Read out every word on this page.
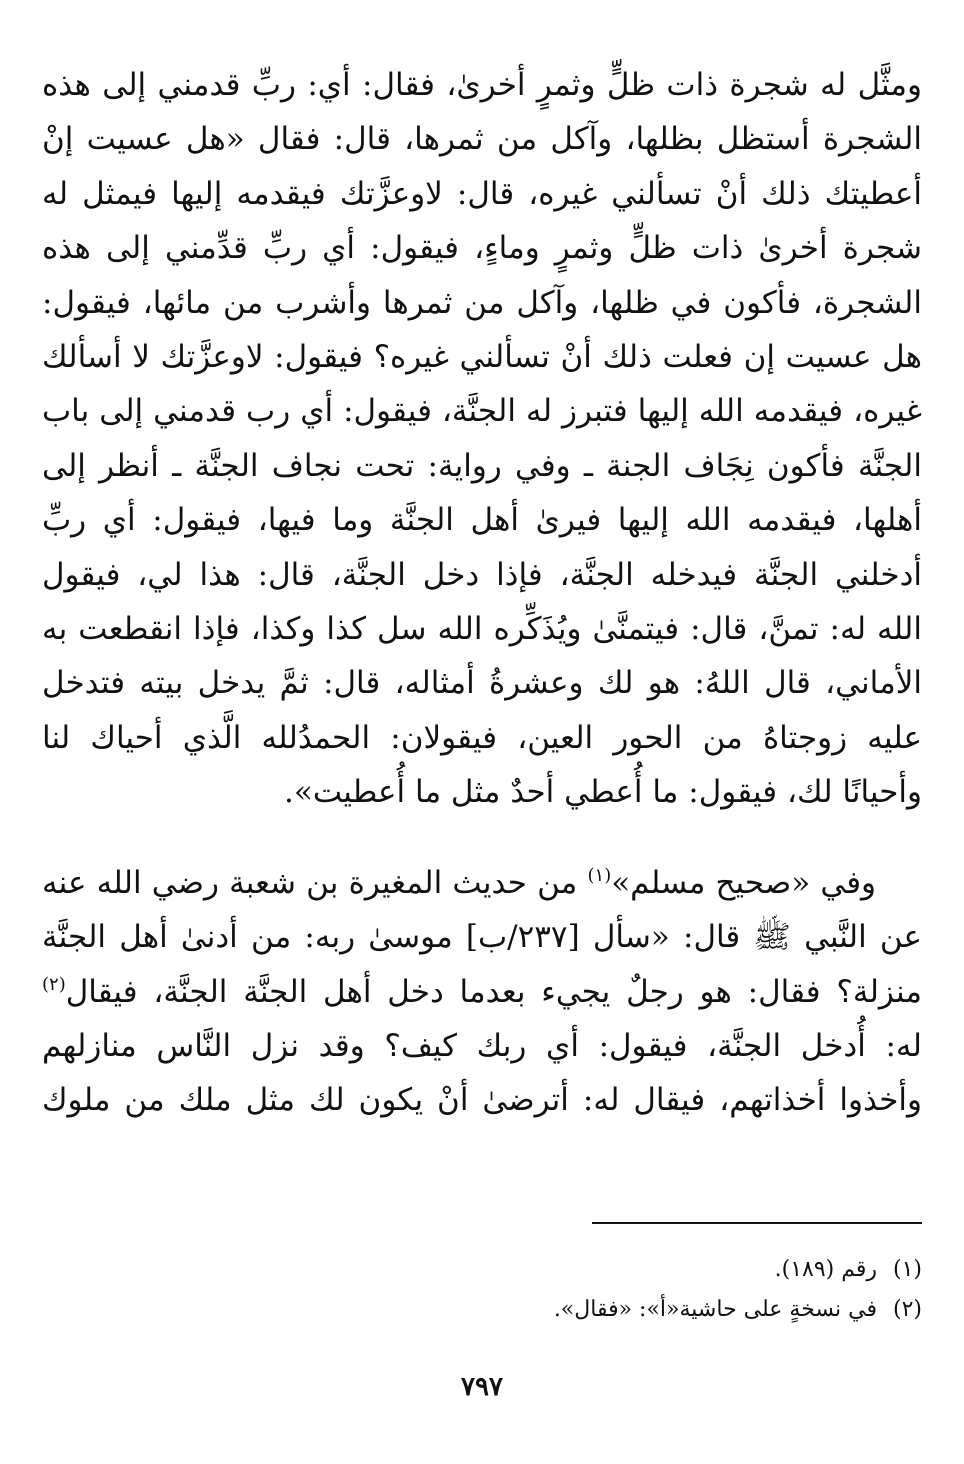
ومثَّل له شجرة ذات ظلٍّ وثمرٍ أخرىٰ، فقال: أي: ربِّ قدمني إلى هذه
الشجرة أستظل بظلها، وآكل من ثمرها، قال: فقال «هل عسيت إنْ
أعطيتك ذلك أنْ تسألني غيره، قال: لاوعزَّتك فيقدمه إليها فيمثل له
شجرة أخرىٰ ذات ظلٍّ وثمرٍ وماءٍ، فيقول: أي ربِّ قدِّمني إلى هذه
الشجرة، فأكون في ظلها، وآكل من ثمرها وأشرب من مائها، فيقول:
هل عسيت إن فعلت ذلك أنْ تسألني غيره؟ فيقول: لاوعزَّتك لا أسألك
غيره، فيقدمه الله إليها فتبرز له الجنَّة، فيقول: أي رب قدمني إلى باب
الجنَّة فأكون نِجَاف الجنة ـ وفي رواية: تحت نجاف الجنَّة ـ أنظر إلى
أهلها، فيقدمه الله إليها فيرىٰ أهل الجنَّة وما فيها، فيقول: أي ربِّ
أدخلني الجنَّة فيدخله الجنَّة، فإذا دخل الجنَّة، قال: هذا لي، فيقول
الله له: تمنَّ، قال: فيتمنَّىٰ ويُذَكِّره الله سل كذا وكذا، فإذا انقطعت به
الأماني، قال اللهُ: هو لك وعشرةُ أمثاله، قال: ثمَّ يدخل بيته فتدخل
عليه زوجتاهُ من الحور العين، فيقولان: الحمدُلله الَّذي أحياك لنا
وأحيانًا لك، فيقول: ما أُعطي أحدٌ مثل ما أُعطيت».
وفي «صحيح مسلم»$^{(١)}$ من حديث المغيرة بن شعبة رضي الله عنه
عن النَّبي ﷺ قال: «سأل [٢٣٧/ب] موسىٰ ربه: من أدنىٰ أهل الجنَّة
منزلة؟ فقال: هو رجلٌ يجيء بعدما دخل أهل الجنَّة الجنَّة، فيقال$^{(٢)}$
له: أُدخل الجنَّة، فيقول: أي ربك كيف؟ وقد نزل النَّاس منازلهم
وأخذوا أخذاتهم، فيقال له: أترضىٰ أنْ يكون لك مثل ملك من ملوك
(١) رقم (١٨٩).
(٢) في نسخةٍ على حاشية«أ»: «فقال».
٧٩٧
